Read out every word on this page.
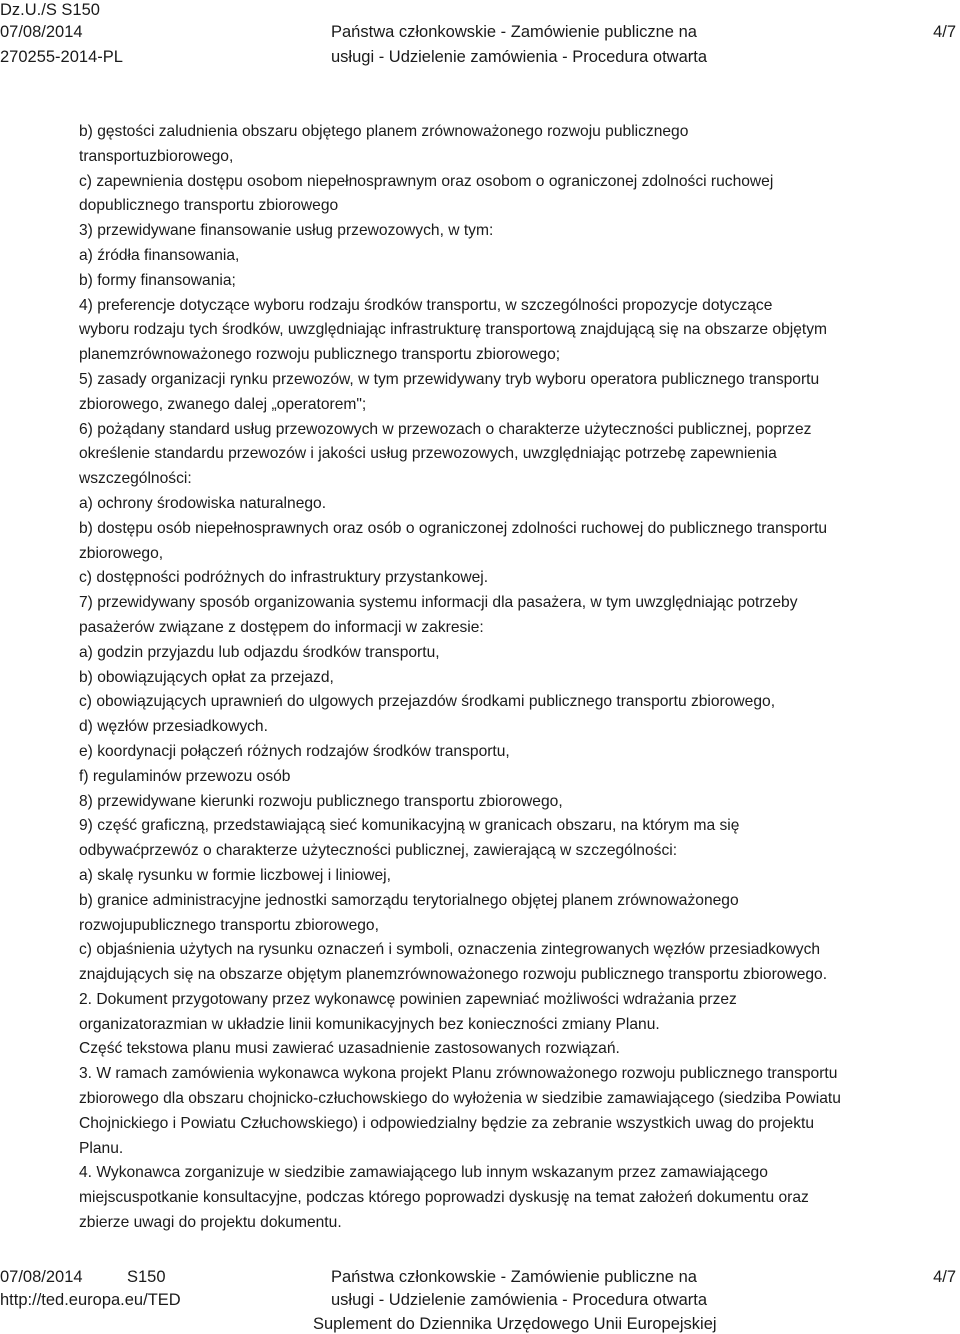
Dz.U./S S150
07/08/2014
270255-2014-PL
Państwa członkowskie - Zamówienie publiczne na
usługi - Udzielenie zamówienia - Procedura otwarta
4/7
b) gęstości zaludnienia obszaru objętego planem zrównoważonego rozwoju publicznego
transportuzbiorowego,
c) zapewnienia dostępu osobom niepełnosprawnym oraz osobom o ograniczonej zdolności ruchowej
dopublicznego transportu zbiorowego
3) przewidywane finansowanie usług przewozowych, w tym:
a) źródła finansowania,
b) formy finansowania;
4) preferencje dotyczące wyboru rodzaju środków transportu, w szczególności propozycje dotyczące
wyboru rodzaju tych środków, uwzględniając infrastrukturę transportową znajdującą się na obszarze objętym
planemzrównoważonego rozwoju publicznego transportu zbiorowego;
5) zasady organizacji rynku przewozów, w tym przewidywany tryb wyboru operatora publicznego transportu
zbiorowego, zwanego dalej „operatorem";
6) pożądany standard usług przewozowych w przewozach o charakterze użyteczności publicznej, poprzez
określenie standardu przewozów i jakości usług przewozowych, uwzględniając potrzebę zapewnienia
wszczególności:
a) ochrony środowiska naturalnego.
b) dostępu osób niepełnosprawnych oraz osób o ograniczonej zdolności ruchowej do publicznego transportu
zbiorowego,
c) dostępności podróżnych do infrastruktury przystankowej.
7) przewidywany sposób organizowania systemu informacji dla pasażera, w tym uwzględniając potrzeby
pasażerów związane z dostępem do informacji w zakresie:
a) godzin przyjazdu lub odjazdu środków transportu,
b) obowiązujących opłat za przejazd,
c) obowiązujących uprawnień do ulgowych przejazdów środkami publicznego transportu zbiorowego,
d) węzłów przesiadkowych.
e) koordynacji połączeń różnych rodzajów środków transportu,
f) regulaminów przewozu osób
8) przewidywane kierunki rozwoju publicznego transportu zbiorowego,
9) część graficzną, przedstawiającą sieć komunikacyjną w granicach obszaru, na którym ma się
odbywaćprzewóz o charakterze użyteczności publicznej, zawierającą w szczególności:
a) skalę rysunku w formie liczbowej i liniowej,
b) granice administracyjne jednostki samorządu terytorialnego objętej planem zrównoważonego
rozwojupublicznego transportu zbiorowego,
c) objaśnienia użytych na rysunku oznaczeń i symboli, oznaczenia zintegrowanych węzłów przesiadkowych
znajdujących się na obszarze objętym planemzrównoważonego rozwoju publicznego transportu zbiorowego.
2. Dokument przygotowany przez wykonawcę powinien zapewniać możliwości wdrażania przez
organizatorazmian w układzie linii komunikacyjnych bez konieczności zmiany Planu.
Część tekstowa planu musi zawierać uzasadnienie zastosowanych rozwiązań.
3. W ramach zamówienia wykonawca wykona projekt Planu zrównoważonego rozwoju publicznego transportu
zbiorowego dla obszaru chojnicko-człuchowskiego do wyłożenia w siedzibie zamawiającego (siedziba Powiatu
Chojnickiego i Powiatu Człuchowskiego) i odpowiedzialny będzie za zebranie wszystkich uwag do projektu
Planu.
4. Wykonawca zorganizuje w siedzibie zamawiającego lub innym wskazanym przez zamawiającego
miejscuspotkanie konsultacyjne, podczas którego poprowadzi dyskusję na temat założeń dokumentu oraz
zbierze uwagi do projektu dokumentu.
07/08/2014	S150
http://ted.europa.eu/TED
Państwa członkowskie - Zamówienie publiczne na
usługi - Udzielenie zamówienia - Procedura otwarta
Suplement do Dziennika Urzędowego Unii Europejskiej
4/7
